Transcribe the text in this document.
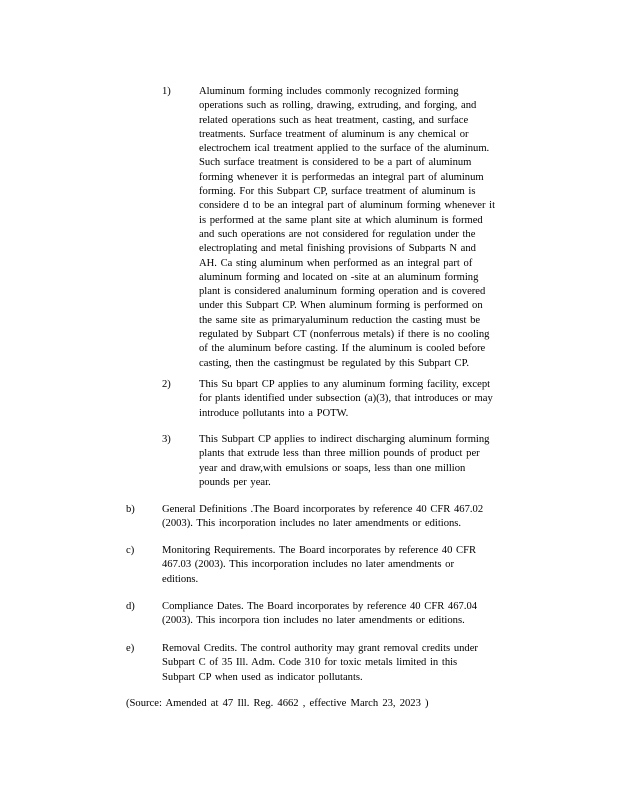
1)	Aluminum forming includes commonly recognized forming
operations such as rolling, drawing, extruding, and forging, and
related operations such as heat treatment, casting, and surface
treatments. Surface treatment of aluminum is any chemical or
electrochem ical treatment applied to the surface of the aluminum.
Such surface treatment is considered to be a part of aluminum
forming whenever it is performedas an integral part of aluminum
forming. For this Subpart CP, surface treatment of aluminum is
considere d to be an integral part of aluminum forming whenever it
is performed at the same plant site at which aluminum is formed
and such operations are not considered for regulation under the
electroplating and metal finishing provisions of Subparts N and
AH. Ca sting aluminum when performed as an integral part of
aluminum forming and located on -site at an aluminum forming
plant is considered analuminum forming operation and is covered
under this Subpart CP. When aluminum forming is performed on
the same site as primaryaluminum reduction the casting must be
regulated by Subpart CT (nonferrous metals) if there is no cooling
of the aluminum before casting. If the aluminum is cooled before
casting, then the castingmust be regulated by this Subpart CP.
2)	This Su bpart CP applies to any aluminum forming facility, except
for plants identified under subsection (a)(3), that introduces or may
introduce pollutants into a POTW.
3)	This Subpart CP applies to indirect discharging aluminum forming
plants that extrude less than three million pounds of product per
year and draw,with emulsions or soaps, less than one million
pounds per year.
b)	General Definitions .The Board incorporates by reference 40 CFR 467.02
(2003). This incorporation includes no later amendments or editions.
c)	Monitoring Requirements. The Board incorporates by reference 40 CFR
467.03 (2003). This incorporation includes no later amendments or
editions.
d)	Compliance Dates. The Board incorporates by reference 40 CFR 467.04
(2003). This incorpora tion includes no later amendments or editions.
e)	Removal Credits. The control authority may grant removal credits under
Subpart C of 35 Ill. Adm. Code 310 for toxic metals limited in this
Subpart CP when used as indicator pollutants.
(Source: Amended at 47 Ill. Reg. 4662 , effective March 23, 2023 )
